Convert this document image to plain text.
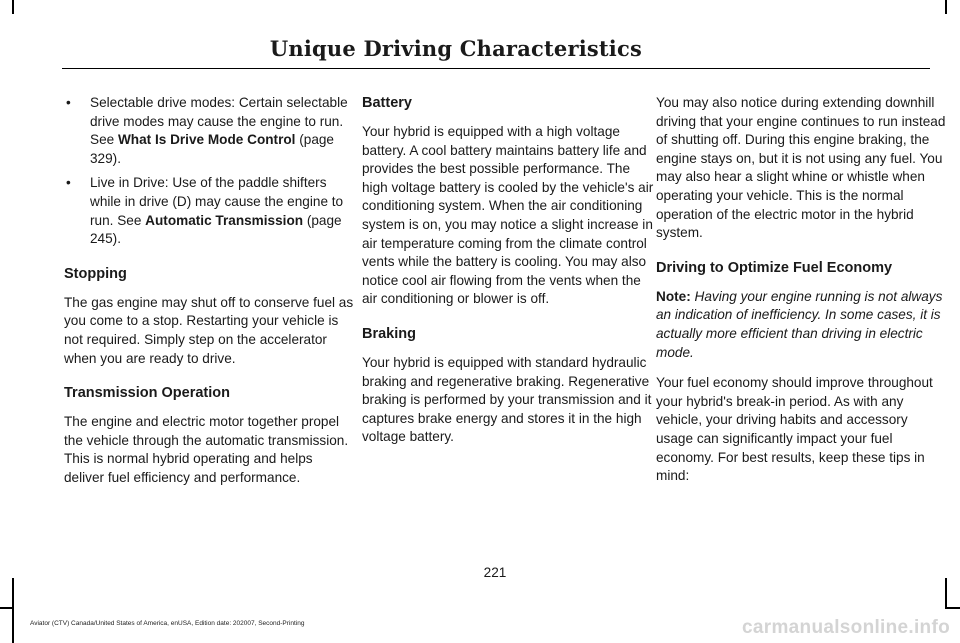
Unique Driving Characteristics
• Selectable drive modes: Certain selectable drive modes may cause the engine to run. See What Is Drive Mode Control (page 329).
• Live in Drive: Use of the paddle shifters while in drive (D) may cause the engine to run. See Automatic Transmission (page 245).
Stopping

The gas engine may shut off to conserve fuel as you come to a stop. Restarting your vehicle is not required. Simply step on the accelerator when you are ready to drive.

Transmission Operation

The engine and electric motor together propel the vehicle through the automatic transmission. This is normal hybrid operating and helps deliver fuel efficiency and performance.

Battery

Your hybrid is equipped with a high voltage battery. A cool battery maintains battery life and provides the best possible performance. The high voltage battery is cooled by the vehicle's air conditioning system. When the air conditioning system is on, you may notice a slight increase in air temperature coming from the climate control vents while the battery is cooling. You may also notice cool air flowing from the vents when the air conditioning or blower is off.

Braking

Your hybrid is equipped with standard hydraulic braking and regenerative braking. Regenerative braking is performed by your transmission and it captures brake energy and stores it in the high voltage battery.

You may also notice during extending downhill driving that your engine continues to run instead of shutting off. During this engine braking, the engine stays on, but it is not using any fuel. You may also hear a slight whine or whistle when operating your vehicle. This is the normal operation of the electric motor in the hybrid system.

Driving to Optimize Fuel Economy

Note: Having your engine running is not always an indication of inefficiency. In some cases, it is actually more efficient than driving in electric mode.

Your fuel economy should improve throughout your hybrid's break-in period. As with any vehicle, your driving habits and accessory usage can significantly impact your fuel economy. For best results, keep these tips in mind:

221
Aviator (CTV) Canada/United States of America, enUSA, Edition date: 202007, Second-Printing	carmanualsonline.info
